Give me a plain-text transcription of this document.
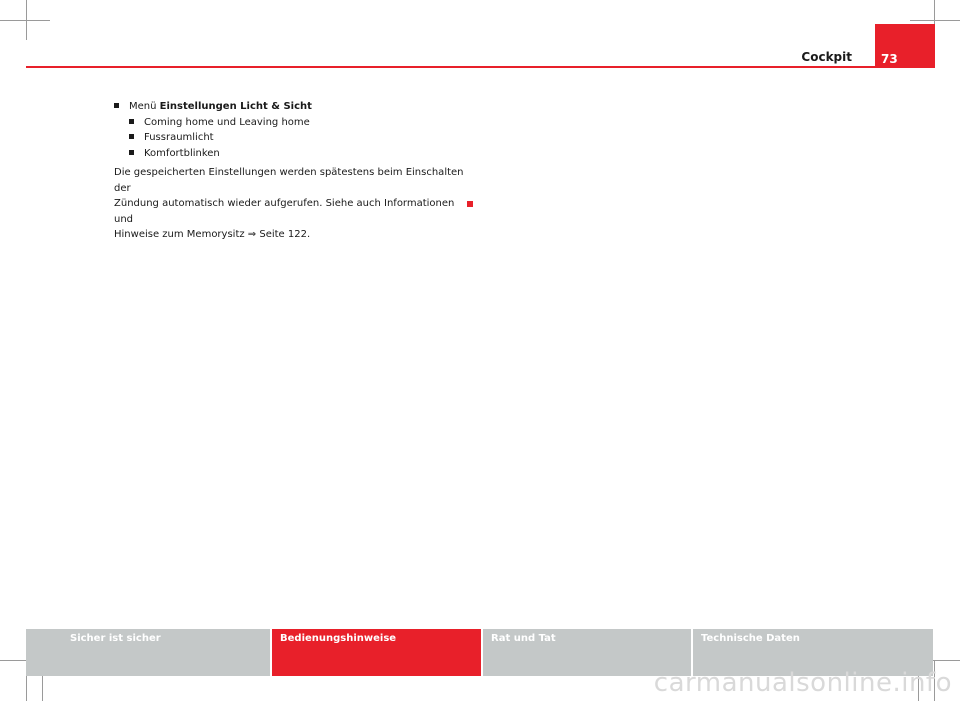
Cockpit 73
Menü Einstellungen Licht & Sicht
Coming home und Leaving home
Fussraumlicht
Komfortblinken
Die gespeicherten Einstellungen werden spätestens beim Einschalten der
Zündung automatisch wieder aufgerufen. Siehe auch Informationen und
Hinweise zum Memorysitz ⇒ Seite 122.
Sicher ist sicher	Bedienungshinweise	Rat und Tat	Technische Daten
carmanualsonline.info
